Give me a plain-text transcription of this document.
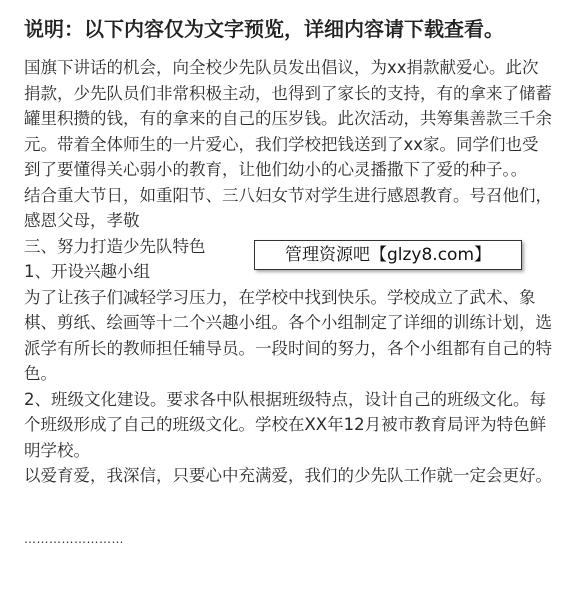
说明：以下内容仅为文字预览，详细内容请下载查看。

国旗下讲话的机会，向全校少先队员发出倡议，为xx捐款献爱心。此次捐款，少先队员们非常积极主动，也得到了家长的支持，有的拿来了储蓄罐里积攒的钱，有的拿来的自己的压岁钱。此次活动，共筹集善款三千余元。带着全体师生的一片爱心，我们学校把钱送到了xx家。同学们也受到了要懂得关心弱小的教育，让他们幼小的心灵播撒下了爱的种子。。

结合重大节日，如重阳节、三八妇女节对学生进行感恩教育。号召他们，感恩父母，孝敬

三、努力打造少先队特色

1、开设兴趣小组

为了让孩子们减轻学习压力，在学校中找到快乐。学校成立了武术、象棋、剪纸、绘画等十二个兴趣小组。各个小组制定了详细的训练计划，选派学有所长的教师担任辅导员。一段时间的努力，各个小组都有自己的特色。

2、班级文化建设。要求各中队根据班级特点，设计自己的班级文化。每个班级形成了自己的班级文化。学校在XX年12月被市教育局评为特色鲜明学校。

以爱育爱，我深信，只要心中充满爱，我们的少先队工作就一定会更好。

……………………
管理资源吧【glzy8.com】
